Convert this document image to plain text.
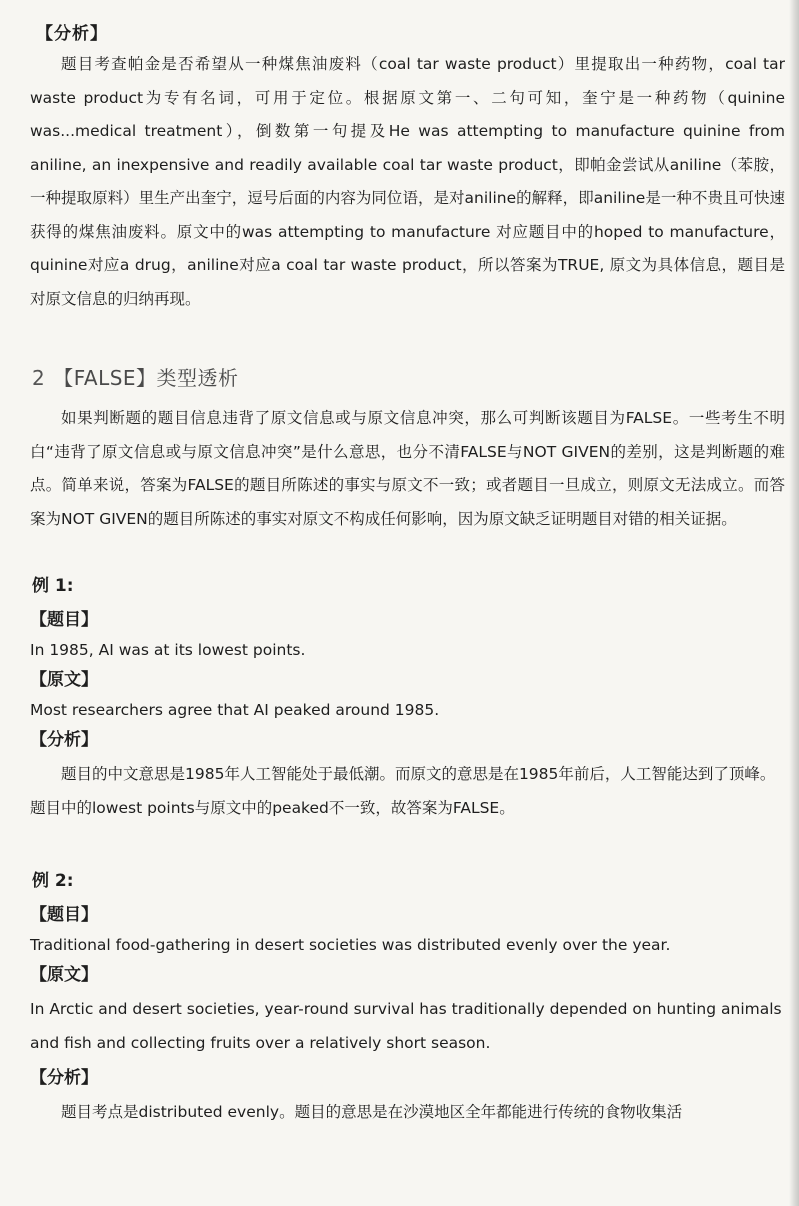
【分析】

题目考查帕金是否希望从一种煤焦油废料（coal tar waste product）里提取出一种药物，coal tar waste product为专有名词，可用于定位。根据原文第一、二句可知，奎宁是一种药物（quinine was...medical treatment），倒数第一句提及He was attempting to manufacture quinine from aniline, an inexpensive and readily available coal tar waste product，即帕金尝试从aniline（苯胺，一种提取原料）里生产出奎宁，逗号后面的内容为同位语，是对aniline的解释，即aniline是一种不贵且可快速获得的煤焦油废料。原文中的was attempting to manufacture 对应题目中的hoped to manufacture，quinine对应a drug，aniline对应a coal tar waste product，所以答案为TRUE, 原文为具体信息，题目是对原文信息的归纳再现。

2 【FALSE】类型透析

如果判断题的题目信息违背了原文信息或与原文信息冲突，那么可判断该题目为FALSE。一些考生不明白“违背了原文信息或与原文信息冲突”是什么意思，也分不清FALSE与NOT GIVEN的差别，这是判断题的难点。简单来说，答案为FALSE的题目所陈述的事实与原文不一致；或者题目一旦成立，则原文无法成立。而答案为NOT GIVEN的题目所陈述的事实对原文不构成任何影响，因为原文缺乏证明题目对错的相关证据。

例 1:
【题目】
In 1985, AI was at its lowest points.
【原文】
Most researchers agree that AI peaked around 1985.
【分析】

题目的中文意思是1985年人工智能处于最低潮。而原文的意思是在1985年前后，人工智能达到了顶峰。题目中的lowest points与原文中的peaked不一致，故答案为FALSE。

例 2:
【题目】
Traditional food-gathering in desert societies was distributed evenly over the year.
【原文】

In Arctic and desert societies, year-round survival has traditionally depended on hunting animals and fish and collecting fruits over a relatively short season.

【分析】

题目考点是distributed evenly。题目的意思是在沙漠地区全年都能进行传统的食物收集活
